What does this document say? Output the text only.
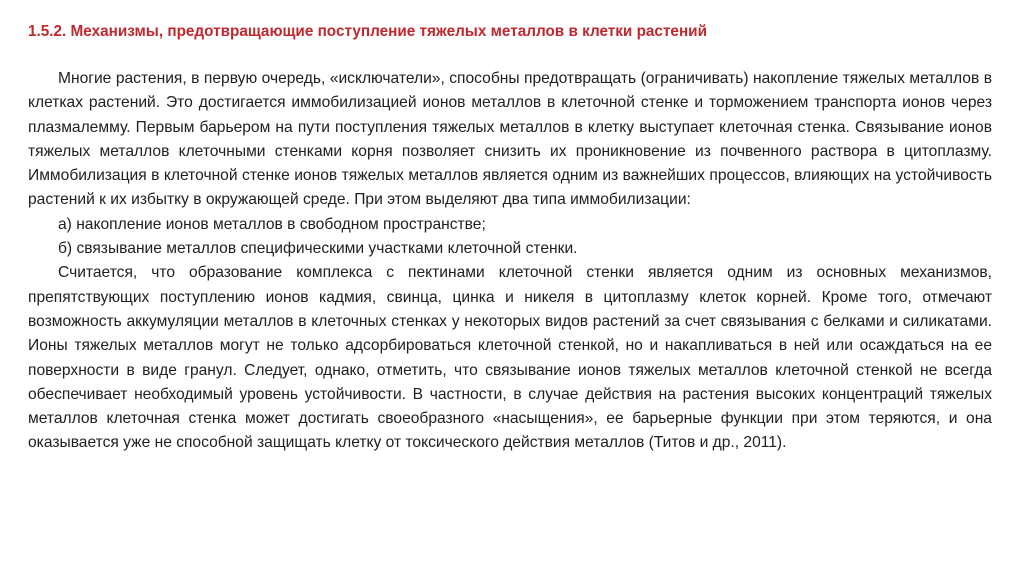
1.5.2. Механизмы, предотвращающие поступление тяжелых металлов в клетки растений

Многие растения, в первую очередь, «исключатели», способны предотвращать (ограничивать) накопление тяжелых металлов в клетках растений. Это достигается иммобилизацией ионов металлов в клеточной стенке и торможением транспорта ионов через плазмалемму. Первым барьером на пути поступления тяжелых металлов в клетку выступает клеточная стенка. Связывание ионов тяжелых металлов клеточными стенками корня позволяет снизить их проникновение из почвенного раствора в цитоплазму. Иммобилизация в клеточной стенке ионов тяжелых металлов является одним из важнейших процессов, влияющих на устойчивость растений к их избытку в окружающей среде. При этом выделяют два типа иммобилизации:

а) накопление ионов металлов в свободном пространстве;

б) связывание металлов специфическими участками клеточной стенки.

Считается, что образование комплекса с пектинами клеточной стенки является одним из основных механизмов, препятствующих поступлению ионов кадмия, свинца, цинка и никеля в цитоплазму клеток корней. Кроме того, отмечают возможность аккумуляции металлов в клеточных стенках у некоторых видов растений за счет связывания с белками и силикатами. Ионы тяжелых металлов могут не только адсорбироваться клеточной стенкой, но и накапливаться в ней или осаждаться на ее поверхности в виде гранул. Следует, однако, отметить, что связывание ионов тяжелых металлов клеточной стенкой не всегда обеспечивает необходимый уровень устойчивости. В частности, в случае действия на растения высоких концентраций тяжелых металлов клеточная стенка может достигать своеобразного «насыщения», ее барьерные функции при этом теряются, и она оказывается уже не способной защищать клетку от токсического действия металлов (Титов и др., 2011).
